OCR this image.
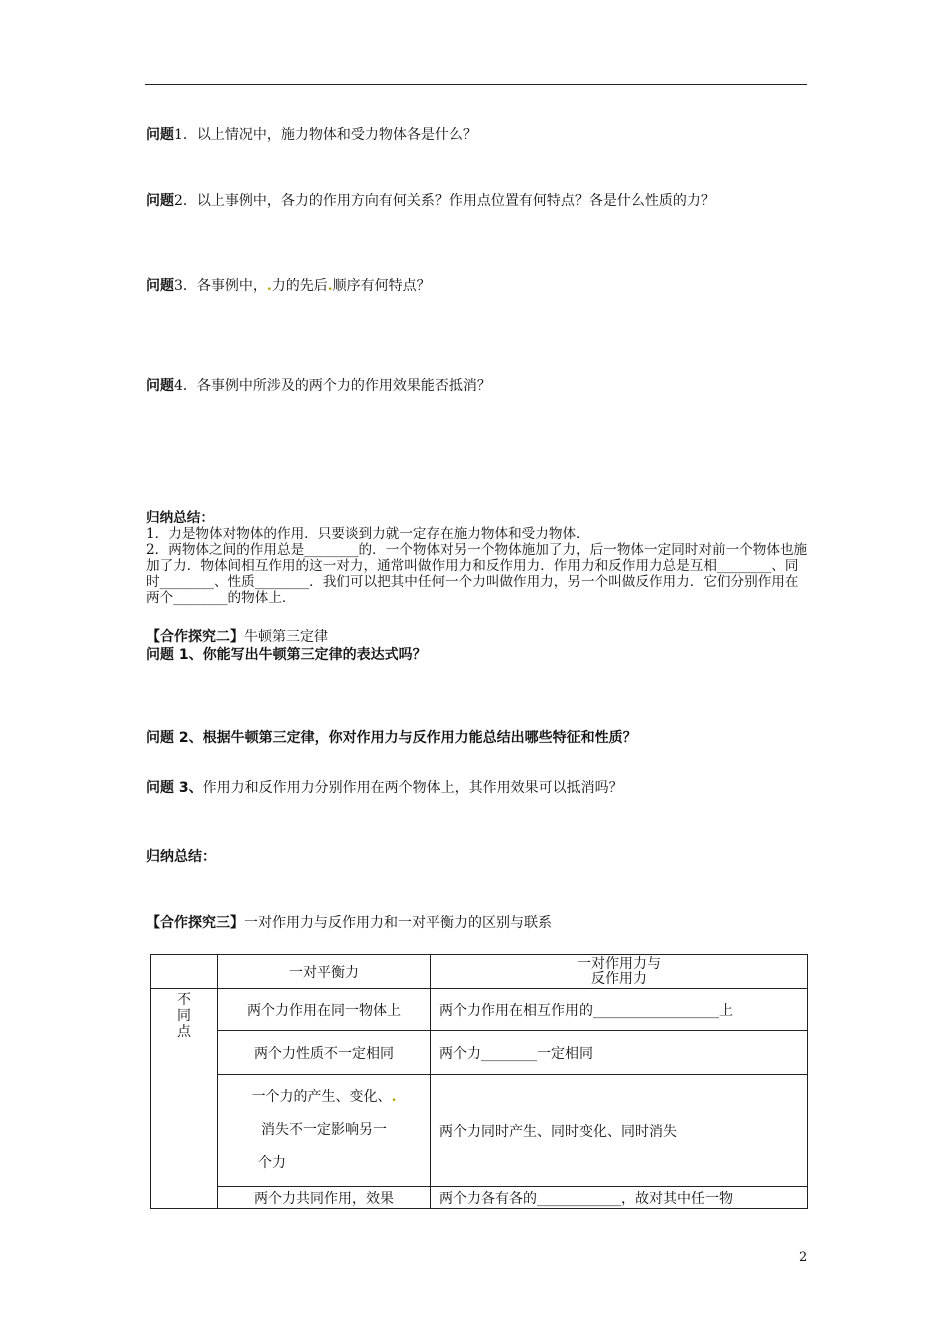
问题1．以上情况中，施力物体和受力物体各是什么？
问题2．以上事例中，各力的作用方向有何关系？作用点位置有何特点？各是什么性质的力？
问题3．各事例中，.力的先后.顺序有何特点？
问题4．各事例中所涉及的两个力的作用效果能否抵消？

归纳总结：

1．力是物体对物体的作用．只要谈到力就一定存在施力物体和受力物体．

2．两物体之间的作用总是________的．一个物体对另一个物体施加了力，后一物体一定同时对前一个物体也施加了力．物体间相互作用的这一对力，通常叫做作用力和反作用力．作用力和反作用力总是互相________、同时________、性质________．我们可以把其中任何一个力叫做作用力，另一个叫做反作用力．它们分别作用在两个________的物体上．

【合作探究二】牛顿第三定律
问题 1、你能写出牛顿第三定律的表达式吗？
问题 2、根据牛顿第三定律，你对作用力与反作用力能总结出哪些特征和性质？
问题 3、作用力和反作用力分别作用在两个物体上，其作用效果可以抵消吗？
归纳总结：
【合作探究三】一对作用力与反作用力和一对平衡力的区别与联系
	一对平衡力	一对作用力与
反作用力

不
同
点	两个力作用在同一物体上	两个力作用在相互作用的__________________上
	两个力性质不一定相同	两个力________一定相同

	一个力的产生、变化、.
消失不一定影响另一
个力	两个力同时产生、同时变化、同时消失
	两个力共同作用，效果	两个力各有各的____________，故对其中任一物
2
